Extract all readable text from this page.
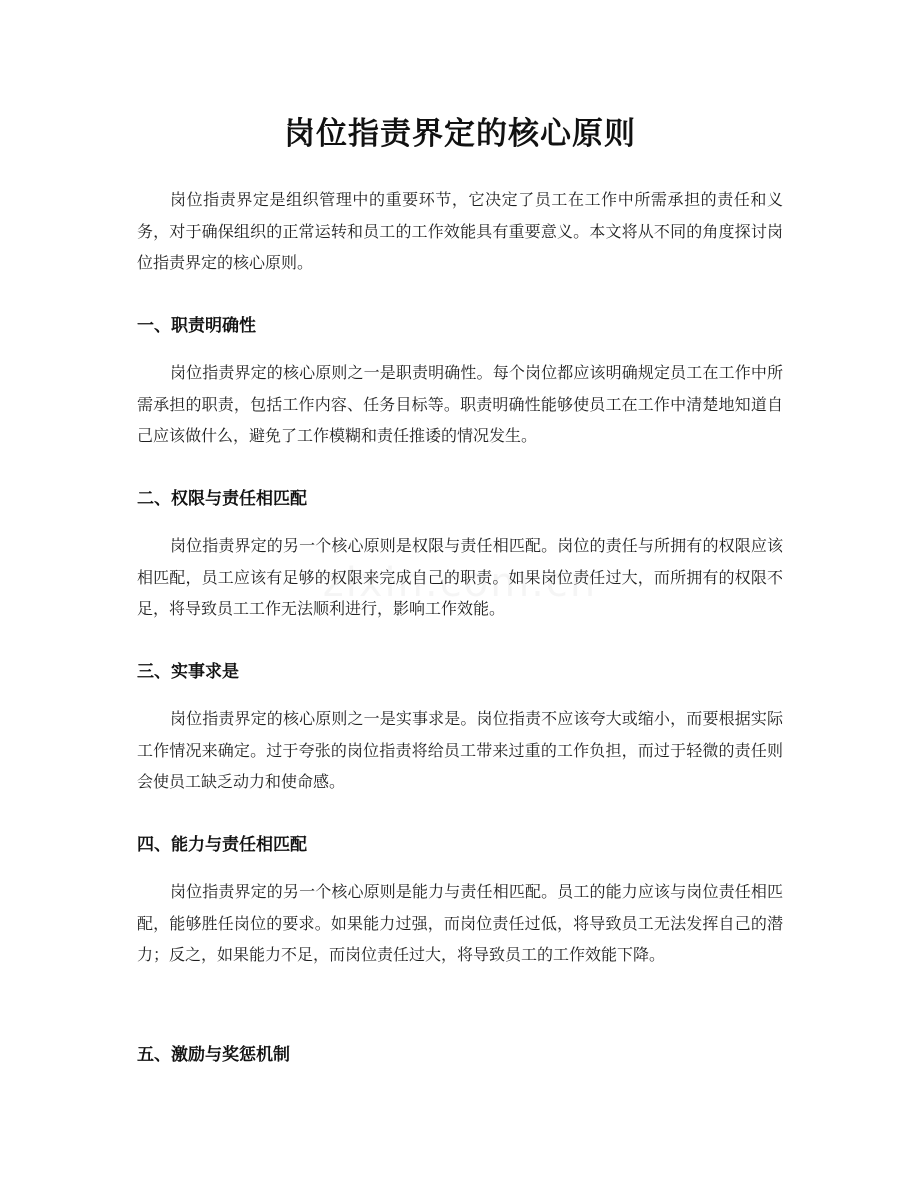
岗位指责界定的核心原则
岗位指责界定是组织管理中的重要环节，它决定了员工在工作中所需承担的责任和义务，对于确保组织的正常运转和员工的工作效能具有重要意义。本文将从不同的角度探讨岗位指责界定的核心原则。
一、职责明确性
岗位指责界定的核心原则之一是职责明确性。每个岗位都应该明确规定员工在工作中所需承担的职责，包括工作内容、任务目标等。职责明确性能够使员工在工作中清楚地知道自己应该做什么，避免了工作模糊和责任推诿的情况发生。
二、权限与责任相匹配
岗位指责界定的另一个核心原则是权限与责任相匹配。岗位的责任与所拥有的权限应该相匹配，员工应该有足够的权限来完成自己的职责。如果岗位责任过大，而所拥有的权限不足，将导致员工工作无法顺利进行，影响工作效能。
三、实事求是
岗位指责界定的核心原则之一是实事求是。岗位指责不应该夸大或缩小，而要根据实际工作情况来确定。过于夸张的岗位指责将给员工带来过重的工作负担，而过于轻微的责任则会使员工缺乏动力和使命感。
四、能力与责任相匹配
岗位指责界定的另一个核心原则是能力与责任相匹配。员工的能力应该与岗位责任相匹配，能够胜任岗位的要求。如果能力过强，而岗位责任过低，将导致员工无法发挥自己的潜力；反之，如果能力不足，而岗位责任过大，将导致员工的工作效能下降。
五、激励与奖惩机制
